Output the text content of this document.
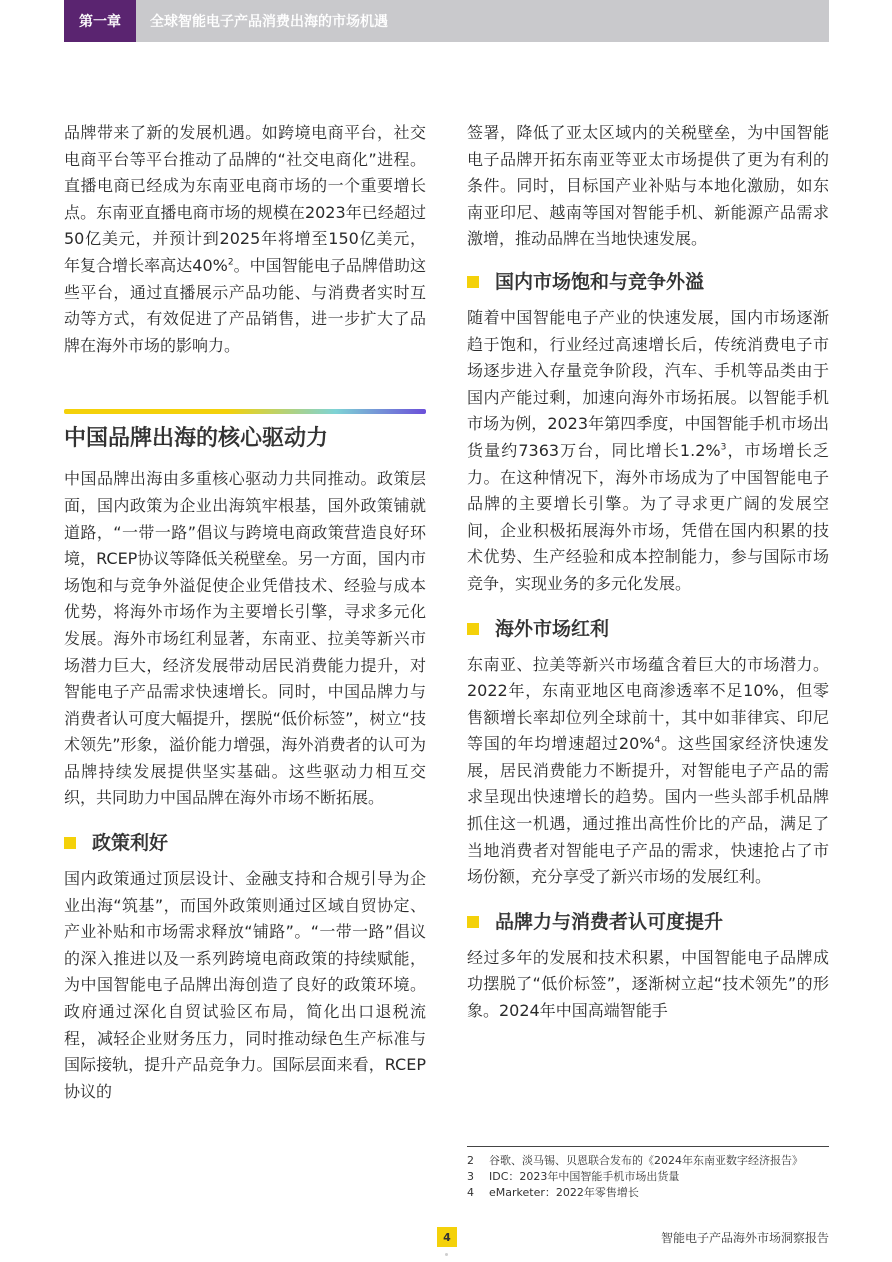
第一章	全球智能电子产品消费出海的市场机遇

品牌带来了新的发展机遇。如跨境电商平台，社交电商平台等平台推动了品牌的“社交电商化”进程。直播电商已经成为东南亚电商市场的一个重要增长点。东南亚直播电商市场的规模在2023年已经超过50亿美元，并预计到2025年将增至150亿美元，年复合增长率高达40%$^2$。中国智能电子品牌借助这些平台，通过直播展示产品功能、与消费者实时互动等方式，有效促进了产品销售，进一步扩大了品牌在海外市场的影响力。

中国品牌出海的核心驱动力

中国品牌出海由多重核心驱动力共同推动。政策层面，国内政策为企业出海筑牢根基，国外政策铺就道路，“一带一路”倡议与跨境电商政策营造良好环境，RCEP协议等降低关税壁垒。另一方面，国内市场饱和与竞争外溢促使企业凭借技术、经验与成本优势，将海外市场作为主要增长引擎，寻求多元化发展。海外市场红利显著，东南亚、拉美等新兴市场潜力巨大，经济发展带动居民消费能力提升，对智能电子产品需求快速增长。同时，中国品牌力与消费者认可度大幅提升，摆脱“低价标签”，树立“技术领先”形象，溢价能力增强，海外消费者的认可为品牌持续发展提供坚实基础。这些驱动力相互交织，共同助力中国品牌在海外市场不断拓展。

政策利好

国内政策通过顶层设计、金融支持和合规引导为企业出海“筑基”，而国外政策则通过区域自贸协定、产业补贴和市场需求释放“铺路”。“一带一路”倡议的深入推进以及一系列跨境电商政策的持续赋能，为中国智能电子品牌出海创造了良好的政策环境。政府通过深化自贸试验区布局，简化出口退税流程，减轻企业财务压力，同时推动绿色生产标准与国际接轨，提升产品竞争力。国际层面来看，RCEP协议的

签署，降低了亚太区域内的关税壁垒，为中国智能电子品牌开拓东南亚等亚太市场提供了更为有利的条件。同时，目标国产业补贴与本地化激励，如东南亚印尼、越南等国对智能手机、新能源产品需求激增，推动品牌在当地快速发展。

国内市场饱和与竞争外溢

随着中国智能电子产业的快速发展，国内市场逐渐趋于饱和，行业经过高速增长后，传统消费电子市场逐步进入存量竞争阶段，汽车、手机等品类由于国内产能过剩，加速向海外市场拓展。以智能手机市场为例，2023年第四季度，中国智能手机市场出货量约7363万台，同比增长1.2%$^3$，市场增长乏力。在这种情况下，海外市场成为了中国智能电子品牌的主要增长引擎。为了寻求更广阔的发展空间，企业积极拓展海外市场，凭借在国内积累的技术优势、生产经验和成本控制能力，参与国际市场竞争，实现业务的多元化发展。

海外市场红利

东南亚、拉美等新兴市场蕴含着巨大的市场潜力。2022年，东南亚地区电商渗透率不足10%，但零售额增长率却位列全球前十，其中如菲律宾、印尼等国的年均增速超过20%$^4$。这些国家经济快速发展，居民消费能力不断提升，对智能电子产品的需求呈现出快速增长的趋势。国内一些头部手机品牌抓住这一机遇，通过推出高性价比的产品，满足了当地消费者对智能电子产品的需求，快速抢占了市场份额，充分享受了新兴市场的发展红利。

品牌力与消费者认可度提升

经过多年的发展和技术积累，中国智能电子品牌成功摆脱了“低价标签”，逐渐树立起“技术领先”的形象。2024年中国高端智能手

2	谷歌、淡马锡、贝恩联合发布的《2024年东南亚数字经济报告》
3	IDC：2023年中国智能手机市场出货量
4	eMarketer：2022年零售增长
4	智能电子产品海外市场洞察报告
